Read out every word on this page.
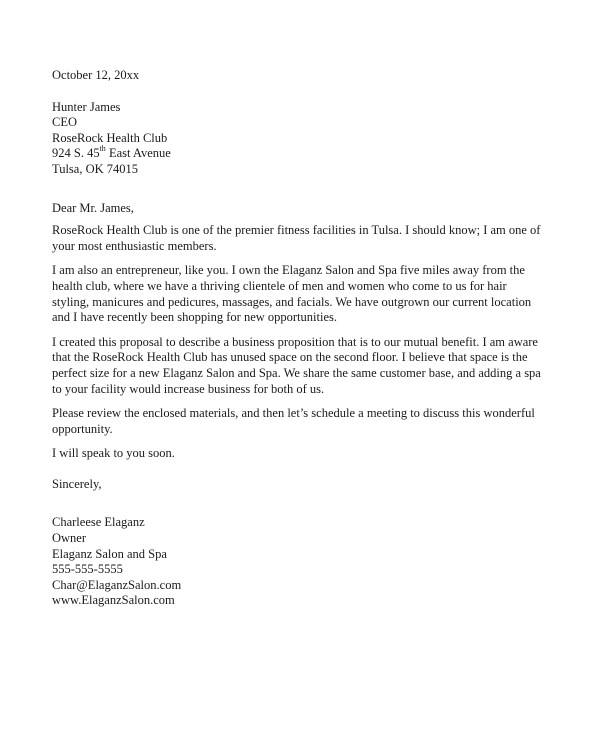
October 12, 20xx
Hunter James
CEO
RoseRock Health Club
924 S. 45th East Avenue
Tulsa, OK 74015
Dear Mr. James,
RoseRock Health Club is one of the premier fitness facilities in Tulsa. I should know; I am one of
your most enthusiastic members.
I am also an entrepreneur, like you. I own the Elaganz Salon and Spa five miles away from the
health club, where we have a thriving clientele of men and women who come to us for hair
styling, manicures and pedicures, massages, and facials. We have outgrown our current location
and I have recently been shopping for new opportunities.
I created this proposal to describe a business proposition that is to our mutual benefit. I am aware
that the RoseRock Health Club has unused space on the second floor. I believe that space is the
perfect size for a new Elaganz Salon and Spa. We share the same customer base, and adding a spa
to your facility would increase business for both of us.
Please review the enclosed materials, and then let’s schedule a meeting to discuss this wonderful
opportunity.
I will speak to you soon.
Sincerely,
Charleese Elaganz
Owner
Elaganz Salon and Spa
555-555-5555
Char@ElaganzSalon.com
www.ElaganzSalon.com
